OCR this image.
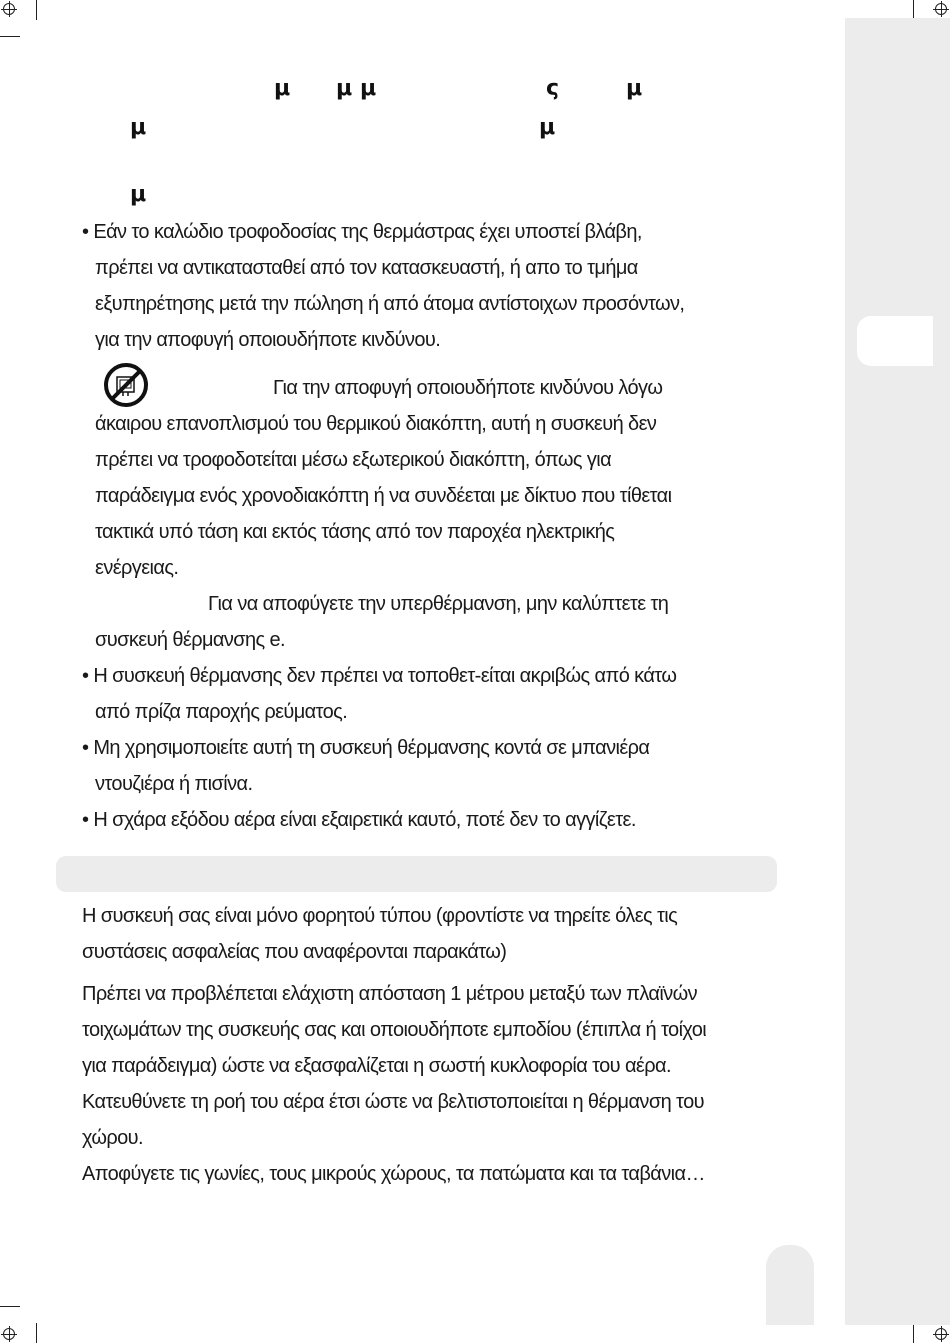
μ μ μ	ς	μ
μ	μ
μ
• Εάν το καλώδιο τροφοδοσίας της θερμάστρας έχει υποστεί βλάβη,
πρέπει να αντικατασταθεί από τον κατασκευαστή, ή απο το τμήμα
εξυπηρέτησης μετά την πώληση ή από άτομα αντίστοιχων προσόντων,
για την αποφυγή οποιουδήποτε κινδύνου.
Για την αποφυγή οποιουδήποτε κινδύνου λόγω
άκαιρου επανοπλισμού του θερμικού διακόπτη, αυτή η συσκευή δεν
πρέπει να τροφοδοτείται μέσω εξωτερικού διακόπτη, όπως για
παράδειγμα ενός χρονοδιακόπτη ή να συνδέεται με δίκτυο που τίθεται
τακτικά υπό τάση και εκτός τάσης από τον παροχέα ηλεκτρικής
ενέργειας.
Για να αποφύγετε την υπερθέρμανση, μην καλύπτετε τη
συσκευή θέρμανσης e.
• Η συσκευή θέρμανσης δεν πρέπει να τοποθετ-είται ακριβώς από κάτω
από πρίζα παροχής ρεύματος.
• Μη χρησιμοποιείτε αυτή τη συσκευή θέρμανσης κοντά σε μπανιέρα
ντουζιέρα ή πισίνα.
• Η σχάρα εξόδου αέρα είναι εξαιρετικά καυτό, ποτέ δεν το αγγίζετε.
Η συσκευή σας είναι μόνο φορητού τύπου (φροντίστε να τηρείτε όλες τις
συστάσεις ασφαλείας που αναφέρονται παρακάτω)
Πρέπει να προβλέπεται ελάχιστη απόσταση 1 μέτρου μεταξύ των πλαϊνών
τοιχωμάτων της συσκευής σας και οποιουδήποτε εμποδίου (έπιπλα ή τοίχοι
για παράδειγμα) ώστε να εξασφαλίζεται η σωστή κυκλοφορία του αέρα.
Κατευθύνετε τη ροή του αέρα έτσι ώστε να βελτιστοποιείται η θέρμανση του
χώρου.
Αποφύγετε τις γωνίες, τους μικρούς χώρους, τα πατώματα και τα ταβάνια…
